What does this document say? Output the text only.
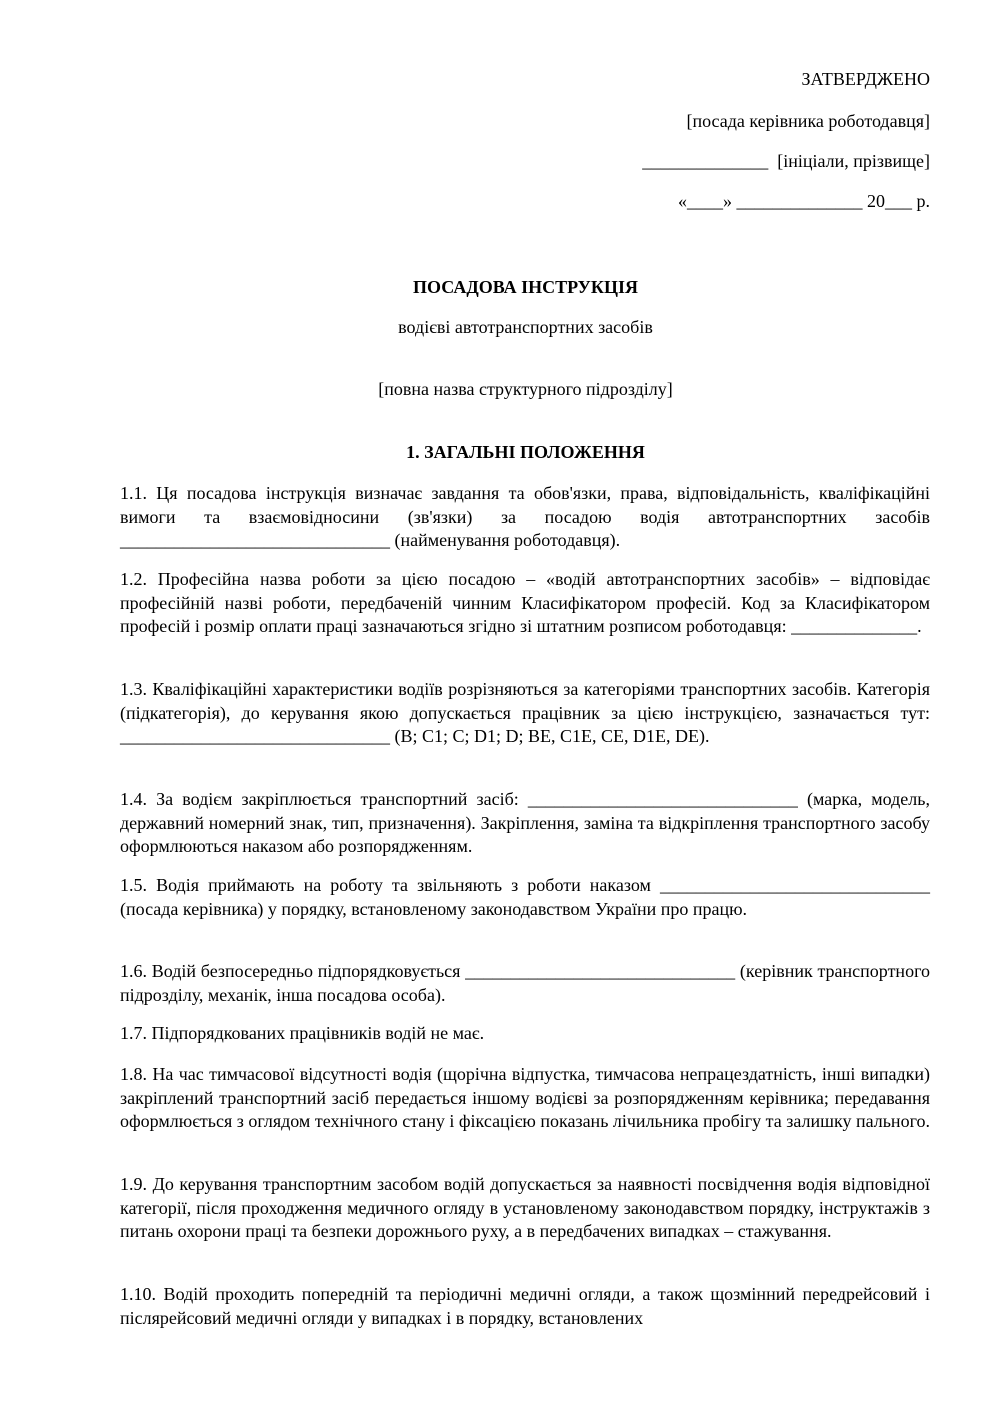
ЗАТВЕРДЖЕНО
[посада керівника роботодавця]
______________  [ініціали, прізвище]
«____» ______________ 20___ р.
ПОСАДОВА ІНСТРУКЦІЯ
водієві автотранспортних засобів
[повна назва структурного підрозділу]
1. ЗАГАЛЬНІ ПОЛОЖЕННЯ

1.1. Ця посадова інструкція визначає завдання та обов'язки, права, відповідальність, кваліфікаційні вимоги та взаємовідносини (зв'язки) за посадою водія автотранспортних засобів ______________________________ (найменування роботодавця).

1.2. Професійна назва роботи за цією посадою – «водій автотранспортних засобів» – відповідає професійній назві роботи, передбаченій чинним Класифікатором професій. Код за Класифікатором професій і розмір оплати праці зазначаються згідно зі штатним розписом роботодавця: ______________.

1.3. Кваліфікаційні характеристики водіїв розрізняються за категоріями транспортних засобів. Категорія (підкатегорія), до керування якою допускається працівник за цією інструкцією, зазначається тут: ______________________________ (B; C1; C; D1; D; BE, C1E, CE, D1E, DE).

1.4. За водієм закріплюється транспортний засіб: ______________________________ (марка, модель, державний номерний знак, тип, призначення). Закріплення, заміна та відкріплення транспортного засобу оформлюються наказом або розпорядженням.

1.5. Водія приймають на роботу та звільняють з роботи наказом ______________________________ (посада керівника) у порядку, встановленому законодавством України про працю.

1.6. Водій безпосередньо підпорядковується ______________________________ (керівник транспортного підрозділу, механік, інша посадова особа).

1.7. Підпорядкованих працівників водій не має.

1.8. На час тимчасової відсутності водія (щорічна відпустка, тимчасова непрацездатність, інші випадки) закріплений транспортний засіб передається іншому водієві за розпорядженням керівника; передавання оформлюється з оглядом технічного стану і фіксацією показань лічильника пробігу та залишку пального.

1.9. До керування транспортним засобом водій допускається за наявності посвідчення водія відповідної категорії, після проходження медичного огляду в установленому законодавством порядку, інструктажів з питань охорони праці та безпеки дорожнього руху, а в передбачених випадках – стажування.

1.10. Водій проходить попередній та періодичні медичні огляди, а також щозмінний передрейсовий і післярейсовий медичні огляди у випадках і в порядку, встановлених
